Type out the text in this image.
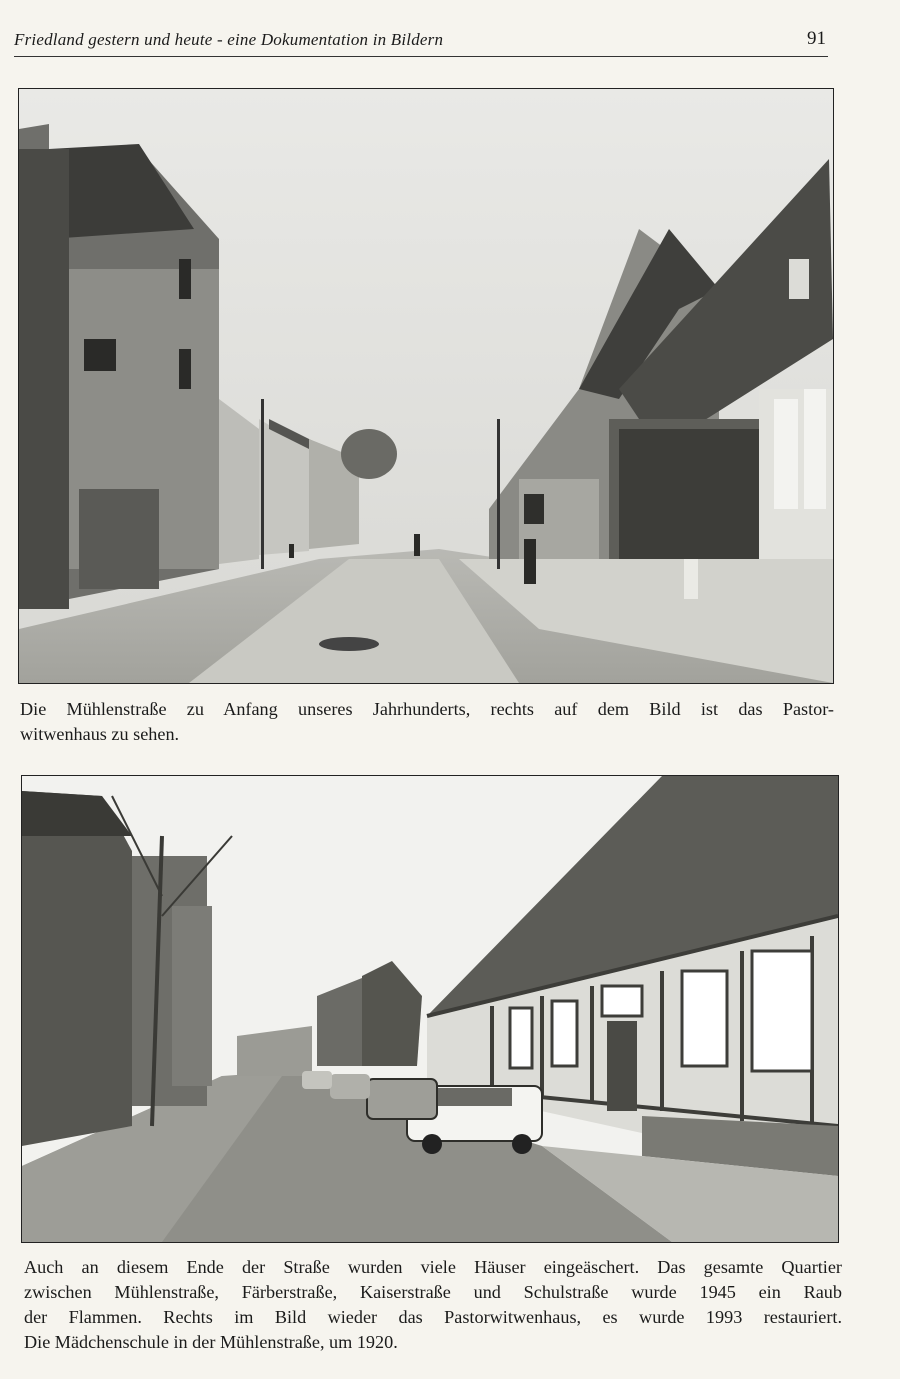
Friedland gestern und heute - eine Dokumentation in Bildern	91
Die Mühlenstraße zu Anfang unseres Jahrhunderts, rechts auf dem Bild ist das Pastor-
witwenhaus zu sehen.
Auch an diesem Ende der Straße wurden viele Häuser eingeäschert. Das gesamte Quartier
zwischen Mühlenstraße, Färberstraße, Kaiserstraße und Schulstraße wurde 1945 ein Raub
der Flammen. Rechts im Bild wieder das Pastorwitwenhaus, es wurde 1993 restauriert.
Die Mädchenschule in der Mühlenstraße, um 1920.
